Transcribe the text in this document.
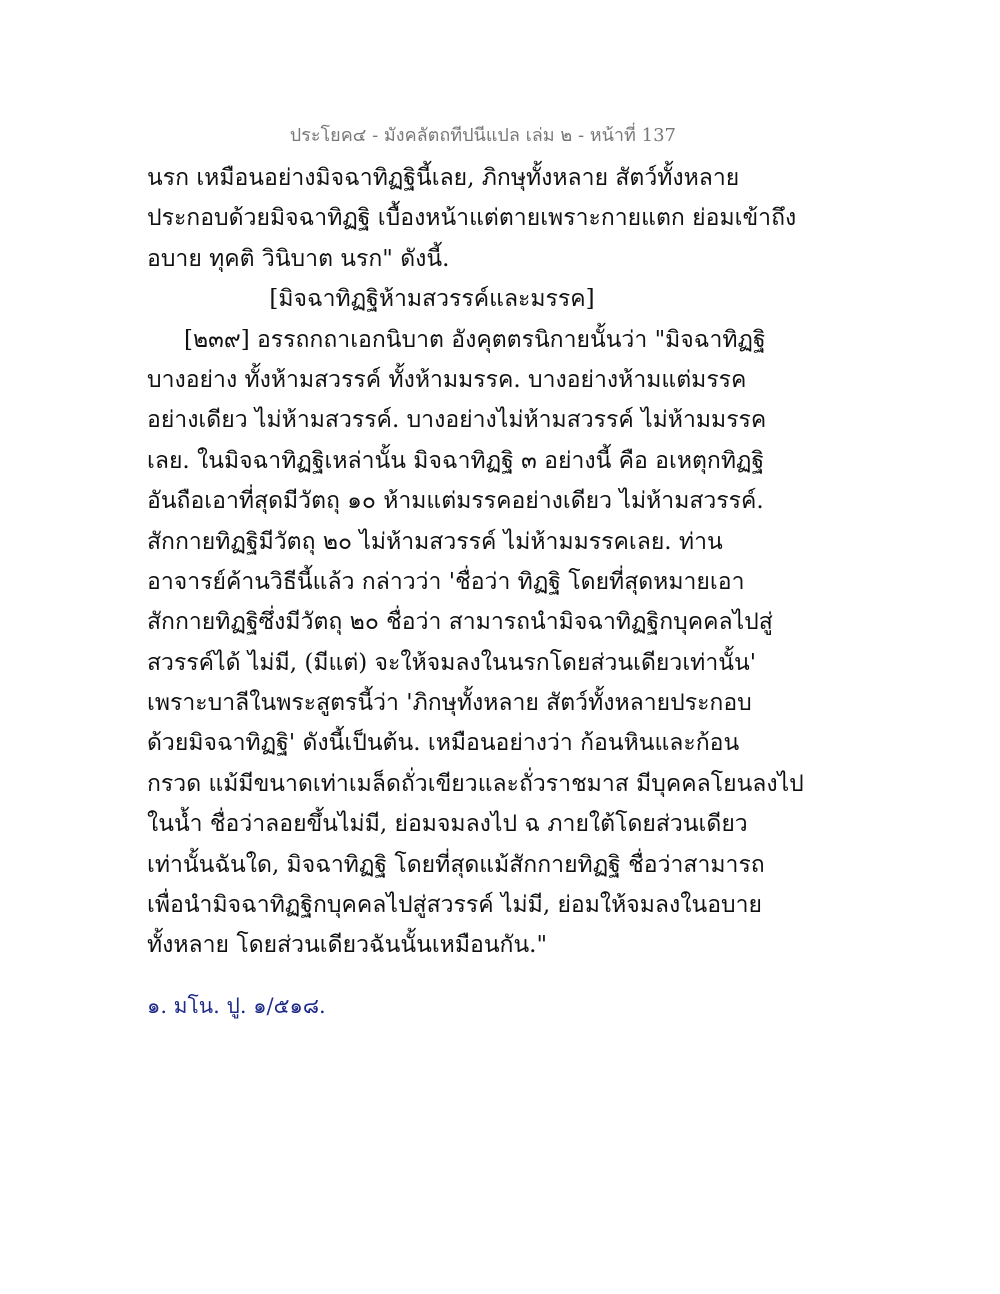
ประโยค๔ - มังคลัตถทีปนีแปล เล่ม ๒ - หน้าที่ 137
นรก เหมือนอย่างมิจฉาทิฏฐินี้เลย, ภิกษุทั้งหลาย สัตว์ทั้งหลาย
ประกอบด้วยมิจฉาทิฏฐิ เบื้องหน้าแต่ตายเพราะกายแตก ย่อมเข้าถึง
อบาย ทุคติ วินิบาต นรก" ดังนี้.
[มิจฉาทิฏฐิห้ามสวรรค์และมรรค]
[๒๓๙] อรรถกถาเอกนิบาต อังคุตตรนิกายนั้นว่า "มิจฉาทิฏฐิ
บางอย่าง ทั้งห้ามสวรรค์ ทั้งห้ามมรรค. บางอย่างห้ามแต่มรรค
อย่างเดียว ไม่ห้ามสวรรค์. บางอย่างไม่ห้ามสวรรค์ ไม่ห้ามมรรค
เลย. ในมิจฉาทิฏฐิเหล่านั้น มิจฉาทิฏฐิ ๓ อย่างนี้ คือ อเหตุกทิฏฐิ
อันถือเอาที่สุดมีวัตถุ ๑๐ ห้ามแต่มรรคอย่างเดียว ไม่ห้ามสวรรค์.
สักกายทิฏฐิมีวัตถุ ๒๐ ไม่ห้ามสวรรค์ ไม่ห้ามมรรคเลย. ท่าน
อาจารย์ค้านวิธีนี้แล้ว กล่าวว่า 'ชื่อว่า ทิฏฐิ โดยที่สุดหมายเอา
สักกายทิฏฐิซึ่งมีวัตถุ ๒๐ ชื่อว่า สามารถนำมิจฉาทิฏฐิกบุคคลไปสู่
สวรรค์ได้ ไม่มี, (มีแต่) จะให้จมลงในนรกโดยส่วนเดียวเท่านั้น'
เพราะบาลีในพระสูตรนี้ว่า 'ภิกษุทั้งหลาย สัตว์ทั้งหลายประกอบ
ด้วยมิจฉาทิฏฐิ' ดังนี้เป็นต้น. เหมือนอย่างว่า ก้อนหินและก้อน
กรวด แม้มีขนาดเท่าเมล็ดถั่วเขียวและถั่วราชมาส มีบุคคลโยนลงไป
ในน้ำ ชื่อว่าลอยขึ้นไม่มี, ย่อมจมลงไป ฉ ภายใต้โดยส่วนเดียว
เท่านั้นฉันใด, มิจฉาทิฏฐิ โดยที่สุดแม้สักกายทิฏฐิ ชื่อว่าสามารถ
เพื่อนำมิจฉาทิฏฐิกบุคคลไปสู่สวรรค์ ไม่มี, ย่อมให้จมลงในอบาย
ทั้งหลาย โดยส่วนเดียวฉันนั้นเหมือนกัน."
๑. มโน. ปู. ๑/๕๑๘.
